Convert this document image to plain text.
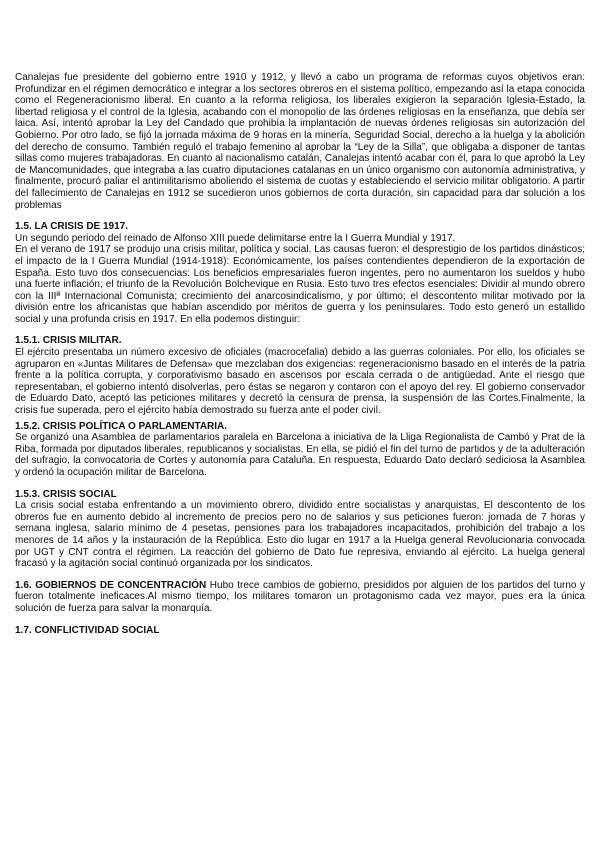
Canalejas fue presidente del gobierno entre 1910 y 1912, y llevó a cabo un programa de reformas cuyos objetivos eran: Profundizar en el régimen democrático e integrar a los sectores obreros en el sistema político, empezando así la etapa conocida como el Regeneracionismo liberal. En cuanto a la reforma religiosa, los liberales exigieron la separación Iglesia-Estado, la libertad religiosa y el control de la Iglesia, acabando con el monopolio de las órdenes religiosas en la enseñanza, que debía ser laica. Así, intentó aprobar la Ley del Candado que prohibía la implantación de nuevas órdenes religiosas sin autorización del Gobierno. Por otro lado, se fijó la jornada máxima de 9 horas en la minería, Seguridad Social, derecho a la huelga y la abolición del derecho de consumo. También reguló el trabajo femenino al aprobar la “Ley de la Silla”, que obligaba a disponer de tantas sillas como mujeres trabajadoras. En cuanto al nacionalismo catalán, Canalejas intentó acabar con él, para lo que aprobó la Ley de Mancomunidades, que integraba a las cuatro diputaciones catalanas en un único organismo con autonomía administrativa, y finalmente, procuró paliar el antimilitarismo aboliendo el sistema de cuotas y estableciendo el servicio militar obligatorio. A partir del fallecimiento de Canalejas en 1912 se sucedieron unos gobiernos de corta duración, sin capacidad para dar solución a los problemas

1.5. LA CRISIS DE 1917.

Un segundo periodo del reinado de Alfonso XIII puede delimitarse entre la I Guerra Mundial y 1917.

En el verano de 1917 se produjo una crisis militar, política y social. Las causas fueron: el desprestigio de los partidos dinásticos; el impacto de la I Guerra Mundial (1914-1918): Económicamente, los países contendientes dependieron de la exportación de España. Esto tuvo dos consecuencias: Los beneficios empresariales fueron ingentes, pero no aumentaron los sueldos y hubo una fuerte inflación; el triunfo de la Revolución Bolchevique en Rusia. Esto tuvo tres efectos esenciales: Dividir al mundo obrero con la IIIª Internacional Comunista; crecimiento del anarcosindicalismo, y por último; el descontento militar motivado por la división entre los africanistas que habían ascendido por méritos de guerra y los peninsulares. Todo esto generó un estallido social y una profunda crisis en 1917. En ella podemos distinguir:

1.5.1. CRISIS MILITAR.

El ejército presentaba un número excesivo de oficiales (macrocefalia) debido a las guerras coloniales. Por ello, los oficiales se agruparon en «Juntas Militares de Defensa» que mezclaban dos exigencias: regeneracionismo basado en el interés de la patria frente a la política corrupta, y corporativismo basado en ascensos por escala cerrada o de antigüedad. Ante el riesgo que representaban, el gobierno intentó disolverlas, pero éstas se negaron y contaron con el apoyo del rey. El gobierno conservador de Eduardo Dato, aceptó las peticiones militares y decretó la censura de prensa, la suspensión de las Cortes.Finalmente, la crisis fue superada, pero el ejército había demostrado su fuerza ante el poder civil.

1.5.2. CRISIS POLÍTICA O PARLAMENTARIA.

Se organizó una Asamblea de parlamentarios paralela en Barcelona a iniciativa de la Lliga Regionalista de Cambó y Prat de la Riba, formada por diputados liberales, republicanos y socialistas. En ella, se pidió el fin del turno de partidos y de la adulteración del sufragio, la convocatoria de Cortes y autonomía para Cataluña. En respuesta, Eduardo Dato declaró sediciosa la Asamblea y ordenó la ocupación militar de Barcelona.

1.5.3. CRISIS SOCIAL

La crisis social estaba enfrentando a un movimiento obrero, dividido entre socialistas y anarquistas, El descontento de los obreros fue en aumento debido al incremento de precios pero no de salarios y sus peticiones fueron: jornada de 7 horas y semana inglesa, salario mínimo de 4 pesetas, pensiones para los trabajadores incapacitados, prohibición del trabajo a los menores de 14 años y la instauración de la República. Esto dio lugar en 1917 a la Huelga general Revolucionaria convocada por UGT y CNT contra el régimen. La reacción del gobierno de Dato fue represiva, enviando al ejército. La huelga general fracasó y la agitación social continuó organizada por los sindicatos.

1.6. GOBIERNOS DE CONCENTRACIÓN Hubo trece cambios de gobierno, presididos por alguien de los partidos del turno y fueron totalmente ineficaces.Al mismo tiempo, los militares tomaron un protagonismo cada vez mayor, pues era la única solución de fuerza para salvar la monarquía.

1.7. CONFLICTIVIDAD SOCIAL
